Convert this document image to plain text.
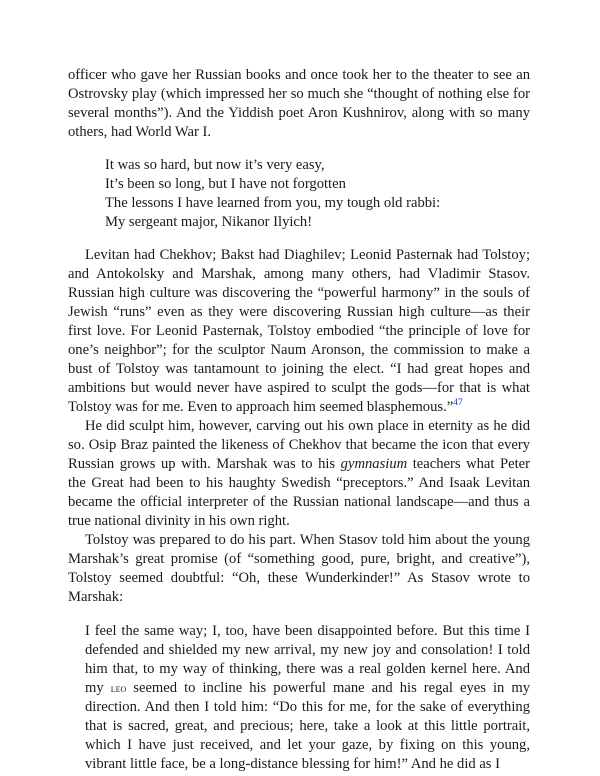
officer who gave her Russian books and once took her to the theater to see an Ostrovsky play (which impressed her so much she “thought of nothing else for several months”). And the Yiddish poet Aron Kushnirov, along with so many others, had World War I.

It was so hard, but now it’s very easy,
It’s been so long, but I have not forgotten
The lessons I have learned from you, my tough old rabbi:
My sergeant major, Nikanor Ilyich!

Levitan had Chekhov; Bakst had Diaghilev; Leonid Pasternak had Tolstoy; and Antokolsky and Marshak, among many others, had Vladimir Stasov. Russian high culture was discovering the “powerful harmony” in the souls of Jewish “runs” even as they were discovering Russian high culture—as their first love. For Leonid Pasternak, Tolstoy embodied “the principle of love for one’s neighbor”; for the sculptor Naum Aronson, the commission to make a bust of Tolstoy was tantamount to joining the elect. “I had great hopes and ambitions but would never have aspired to sculpt the gods—for that is what Tolstoy was for me. Even to approach him seemed blasphemous.”$^{47}$

He did sculpt him, however, carving out his own place in eternity as he did so. Osip Braz painted the likeness of Chekhov that became the icon that every Russian grows up with. Marshak was to his gymnasium teachers what Peter the Great had been to his haughty Swedish “preceptors.” And Isaak Levitan became the official interpreter of the Russian national landscape—and thus a true national divinity in his own right.

Tolstoy was prepared to do his part. When Stasov told him about the young Marshak’s great promise (of “something good, pure, bright, and creative”), Tolstoy seemed doubtful: “Oh, these Wunderkinder!” As Stasov wrote to Marshak:

I feel the same way; I, too, have been disappointed before. But this time I defended and shielded my new arrival, my new joy and consolation! I told him that, to my way of thinking, there was a real golden kernel here. And my leo seemed to incline his powerful mane and his regal eyes in my direction. And then I told him: “Do this for me, for the sake of everything that is sacred, great, and precious; here, take a look at this little portrait, which I have just received, and let your gaze, by fixing on this young, vibrant little face, be a long-distance blessing for him!” And he did as I
